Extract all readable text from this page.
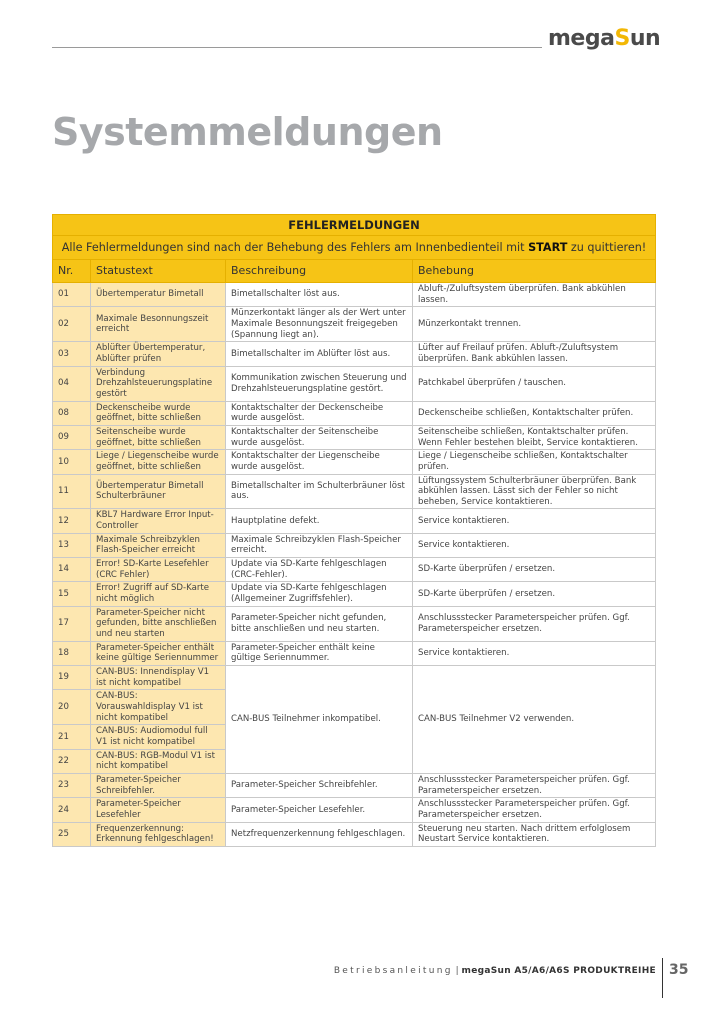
megaSun
Systemmeldungen
FEHLERMELDUNGEN			
Alle Fehlermeldungen sind nach der Behebung des Fehlers am Innenbedienteil mit START zu quittieren!			
Nr.	Statustext	Beschreibung	Behebung
01	Übertemperatur Bimetall	Bimetallschalter löst aus.	Abluft-/Zuluftsystem überprüfen. Bank abkühlen lassen.
02	Maximale Besonnungszeit erreicht	Münzerkontakt länger als der Wert unter Maximale Besonnungszeit freigegeben (Spannung liegt an).	Münzerkontakt trennen.
03	Ablüfter Übertemperatur, Ablüfter prüfen	Bimetallschalter im Ablüfter löst aus.	Lüfter auf Freilauf prüfen. Abluft-/Zuluftsystem überprüfen. Bank abkühlen lassen.
04	Verbindung Drehzahlsteuerungsplatine gestört	Kommunikation zwischen Steuerung und Drehzahlsteuerungsplatine gestört.	Patchkabel überprüfen / tauschen.
08	Deckenscheibe wurde geöffnet, bitte schließen	Kontaktschalter der Deckenscheibe wurde ausgelöst.	Deckenscheibe schließen, Kontaktschalter prüfen.
09	Seitenscheibe wurde geöffnet, bitte schließen	Kontaktschalter der Seitenscheibe wurde ausgelöst.	Seitenscheibe schließen, Kontaktschalter prüfen. Wenn Fehler bestehen bleibt, Service kontaktieren.
10	Liege / Liegenscheibe wurde geöffnet, bitte schließen	Kontaktschalter der Liegenscheibe wurde ausgelöst.	Liege / Liegenscheibe schließen, Kontaktschalter prüfen.
11	Übertemperatur Bimetall Schulterbräuner	Bimetallschalter im Schulterbräuner löst aus.	Lüftungssystem Schulterbräuner überprüfen. Bank abkühlen lassen. Lässt sich der Fehler so nicht beheben, Service kontaktieren.
12	KBL7 Hardware Error Input-Controller	Hauptplatine defekt.	Service kontaktieren.
13	Maximale Schreibzyklen Flash-Speicher erreicht	Maximale Schreibzyklen Flash-Speicher erreicht.	Service kontaktieren.
14	Error! SD-Karte Lesefehler (CRC Fehler)	Update via SD-Karte fehlgeschlagen (CRC-Fehler).	SD-Karte überprüfen / ersetzen.
15	Error! Zugriff auf SD-Karte nicht möglich	Update via SD-Karte fehlgeschlagen (Allgemeiner Zugriffsfehler).	SD-Karte überprüfen / ersetzen.
17	Parameter-Speicher nicht gefunden, bitte anschließen und neu starten	Parameter-Speicher nicht gefunden, bitte anschließen und neu starten.	Anschlussstecker Parameterspeicher prüfen. Ggf. Parameterspeicher ersetzen.
18	Parameter-Speicher enthält keine gültige Seriennummer	Parameter-Speicher enthält keine gültige Seriennummer.	Service kontaktieren.
19	CAN-BUS: Innendisplay V1 ist nicht kompatibel	CAN-BUS Teilnehmer inkompatibel.	CAN-BUS Teilnehmer V2 verwenden.
20	CAN-BUS: Vorauswahldisplay V1 ist nicht kompatibel		
21	CAN-BUS: Audiomodul full V1 ist nicht kompatibel		
22	CAN-BUS: RGB-Modul V1 ist nicht kompatibel		
23	Parameter-Speicher Schreibfehler.	Parameter-Speicher Schreibfehler.	Anschlussstecker Parameterspeicher prüfen. Ggf. Parameterspeicher ersetzen.
24	Parameter-Speicher Lesefehler	Parameter-Speicher Lesefehler.	Anschlussstecker Parameterspeicher prüfen. Ggf. Parameterspeicher ersetzen.
25	Frequenzerkennung: Erkennung fehlgeschlagen!	Netzfrequenzerkennung fehlgeschlagen.	Steuerung neu starten. Nach drittem erfolglosem Neustart Service kontaktieren.
Betriebsanleitung | megaSun A5/A6/A6S PRODUKTREIHE 35
